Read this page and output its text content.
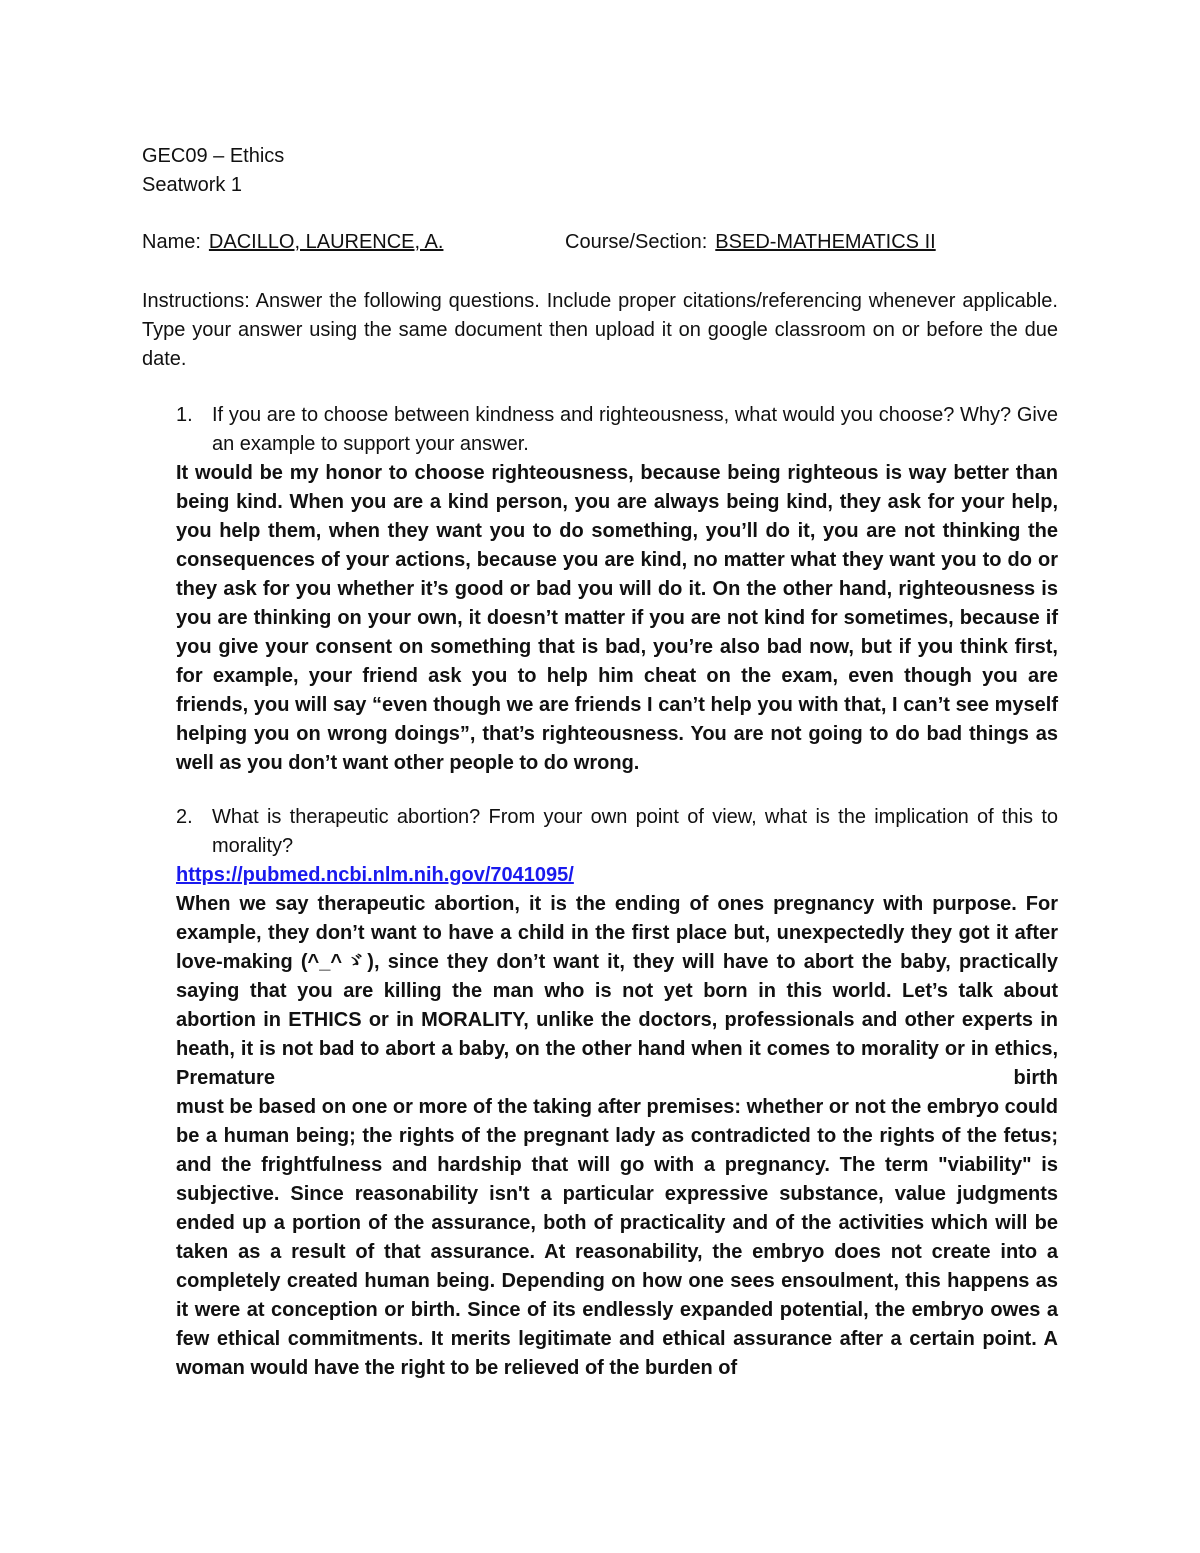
GEC09 – Ethics
Seatwork 1
Name: DACILLO, LAURENCE, A.	Course/Section: BSED-MATHEMATICS II
Instructions: Answer the following questions. Include proper citations/referencing whenever applicable. Type your answer using the same document then upload it on google classroom on or before the due date.
1. If you are to choose between kindness and righteousness, what would you choose? Why? Give an example to support your answer.
It would be my honor to choose righteousness, because being righteous is way better than being kind. When you are a kind person, you are always being kind, they ask for your help, you help them, when they want you to do something, you’ll do it, you are not thinking the consequences of your actions, because you are kind, no matter what they want you to do or they ask for you whether it’s good or bad you will do it. On the other hand, righteousness is you are thinking on your own, it doesn’t matter if you are not kind for sometimes, because if you give your consent on something that is bad, you’re also bad now, but if you think first, for example, your friend ask you to help him cheat on the exam, even though you are friends, you will say “even though we are friends I can’t help you with that, I can’t see myself helping you on wrong doings”, that’s righteousness. You are not going to do bad things as well as you don’t want other people to do wrong.
2. What is therapeutic abortion? From your own point of view, what is the implication of this to morality?
https://pubmed.ncbi.nlm.nih.gov/7041095/
When we say therapeutic abortion, it is the ending of ones pregnancy with purpose. For example, they don’t want to have a child in the first place but, unexpectedly they got it after love-making (^_^ゞ), since they don’t want it, they will have to abort the baby, practically saying that you are killing the man who is not yet born in this world. Let’s talk about abortion in ETHICS or in MORALITY, unlike the doctors, professionals and other experts in heath, it is not bad to abort a baby, on the other hand when it comes to morality or in ethics, Premature birth
must be based on one or more of the taking after premises: whether or not the embryo could be a human being; the rights of the pregnant lady as contradicted to the rights of the fetus; and the frightfulness and hardship that will go with a pregnancy. The term "viability" is subjective. Since reasonability isn't a particular expressive substance, value judgments ended up a portion of the assurance, both of practicality and of the activities which will be taken as a result of that assurance. At reasonability, the embryo does not create into a completely created human being. Depending on how one sees ensoulment, this happens as it were at conception or birth. Since of its endlessly expanded potential, the embryo owes a few ethical commitments. It merits legitimate and ethical assurance after a certain point. A woman would have the right to be relieved of the burden of
